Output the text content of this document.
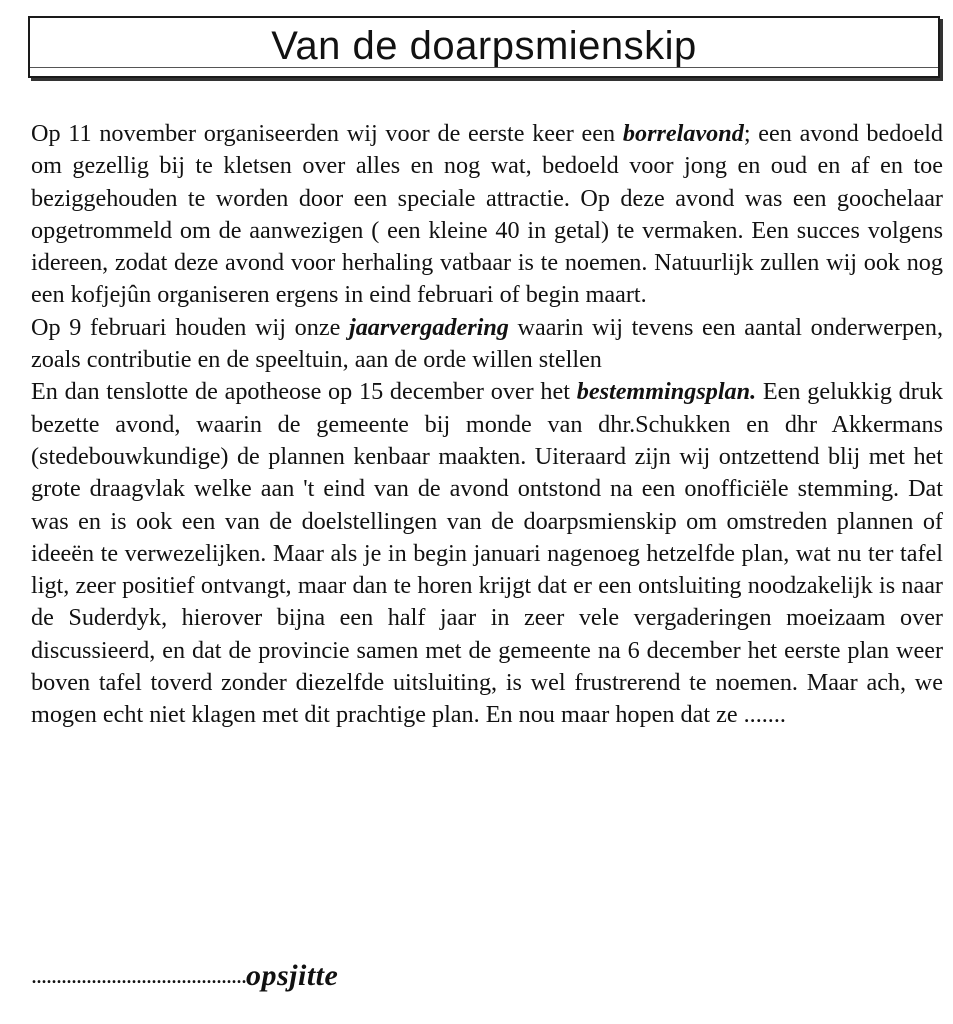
Van de doarpsmienskip

Op 11 november organiseerden wij voor de eerste keer een borrelavond; een avond bedoeld om gezellig bij te kletsen over alles en nog wat, bedoeld voor jong en oud en af en toe beziggehouden te worden door een speciale attractie. Op deze avond was een goochelaar opgetrommeld om de aanwezigen ( een kleine 40 in getal) te vermaken. Een succes volgens idereen, zodat deze avond voor herhaling vatbaar is te noemen. Natuurlijk zullen wij ook nog een kofjejûn organiseren ergens in eind februari of begin maart.

Op 9 februari houden wij onze jaarvergadering waarin wij tevens een aantal onderwerpen, zoals contributie en de speeltuin, aan de orde willen stellen

En dan tenslotte de apotheose op 15 december over het bestemmingsplan. Een gelukkig druk bezette avond, waarin de gemeente bij monde van dhr.Schukken en dhr Akkermans (stedebouwkundige) de plannen kenbaar maakten. Uiteraard zijn wij ontzettend blij met het grote draagvlak welke aan 't eind van de avond ontstond na een onofficiële stemming. Dat was en is ook een van de doelstellingen van de doarpsmienskip om omstreden plannen of ideeën te verwezelijken. Maar als je in begin januari nagenoeg hetzelfde plan, wat nu ter tafel ligt, zeer positief ontvangt, maar dan te horen krijgt dat er een ontsluiting noodzakelijk is naar de Suderdyk, hierover bijna een half jaar in zeer vele vergaderingen moeizaam over discussieerd, en dat de provincie samen met de gemeente na 6 december het eerste plan weer boven tafel toverd zonder diezelfde uitsluiting, is wel frustrerend te noemen. Maar ach, we mogen echt niet klagen met dit prachtige plan. En nou maar hopen dat ze .......

...........................................opsjitte
